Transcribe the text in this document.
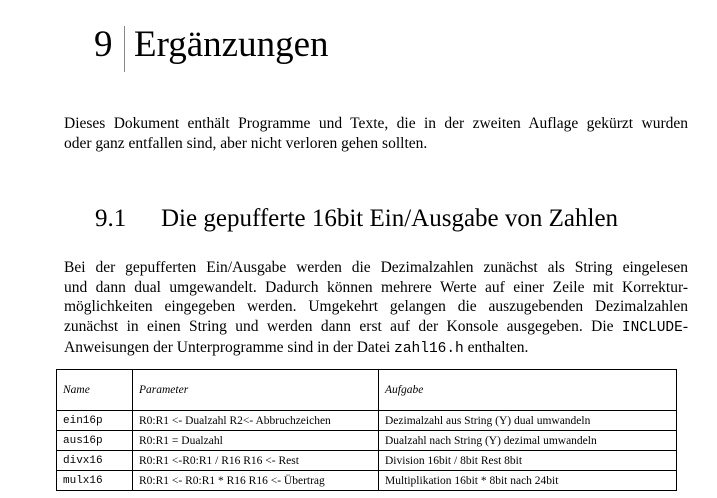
9 Ergänzungen

Dieses Dokument enthält Programme und Texte, die in der zweiten Auflage gekürzt wurden
oder ganz entfallen sind, aber nicht verloren gehen sollten.

9.1 Die gepufferte 16bit Ein/Ausgabe von Zahlen

Bei der gepufferten Ein/Ausgabe werden die Dezimalzahlen zunächst als String eingelesen
und dann dual umgewandelt. Dadurch können mehrere Werte auf einer Zeile mit Korrektur-
möglichkeiten eingegeben werden. Umgekehrt gelangen die auszugebenden Dezimalzahlen
zunächst in einen String und werden dann erst auf der Konsole ausgegeben. Die INCLUDE-
Anweisungen der Unterprogramme sind in der Datei zahl16.h enthalten.

Name	Parameter	Aufgabe
ein16p	R0:R1 <- Dualzahl R2<- Abbruchzeichen	Dezimalzahl aus String (Y) dual umwandeln
aus16p	R0:R1 = Dualzahl	Dualzahl nach String (Y) dezimal umwandeln
divx16	R0:R1 <-R0:R1 / R16 R16 <- Rest	Division 16bit / 8bit Rest 8bit
mulx16	R0:R1 <- R0:R1 * R16 R16 <- Übertrag	Multiplikation 16bit * 8bit nach 24bit
